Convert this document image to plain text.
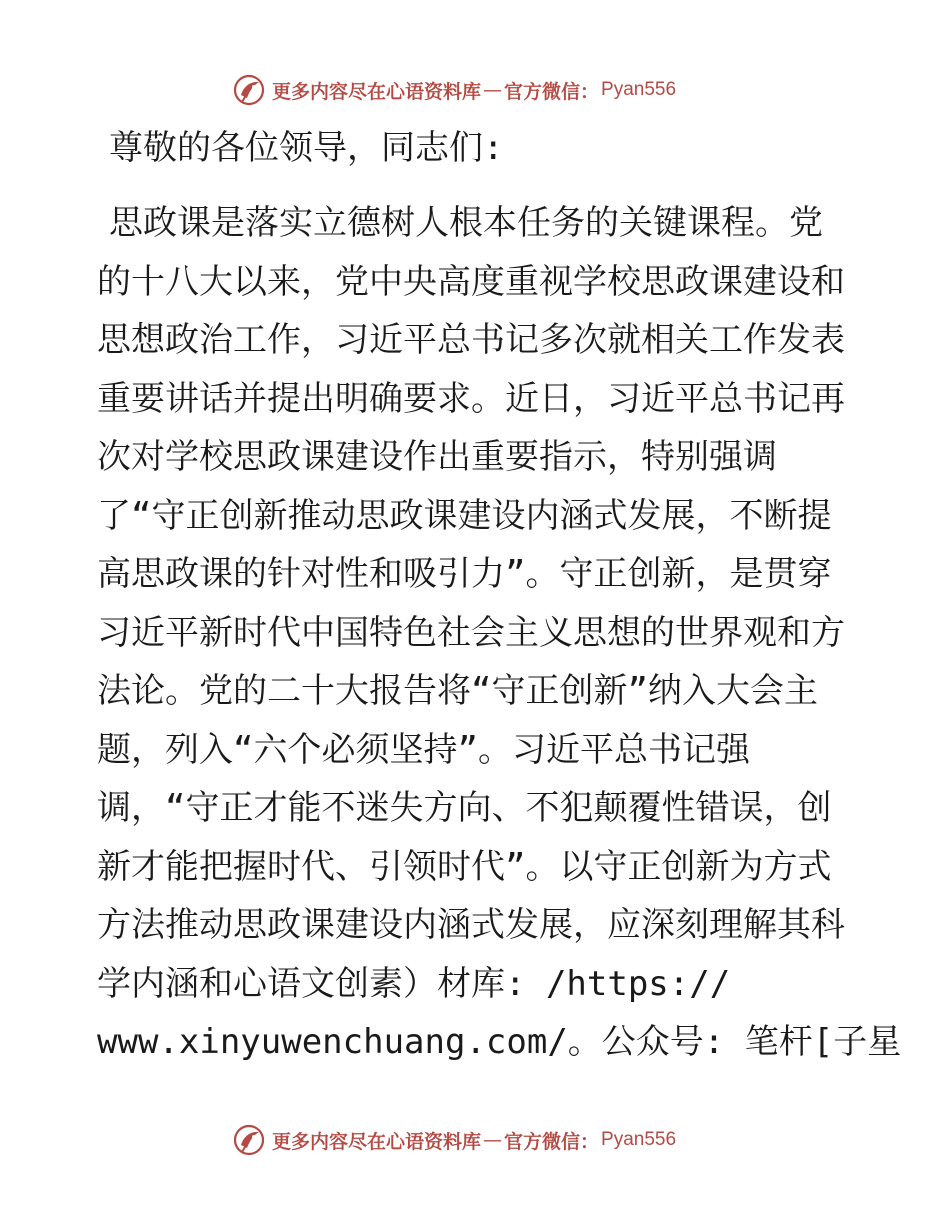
更多内容尽在心语资料库 — 官方微信： Pyan556
尊敬的各位领导，同志们:
思政课是落实立德树人根本任务的关键课程。党
的十八大以来，党中央高度重视学校思政课建设和
思想政治工作，习近平总书记多次就相关工作发表
重要讲话并提出明确要求。近日，习近平总书记再
次对学校思政课建设作出重要指示，特别强调
了“守正创新推动思政课建设内涵式发展，不断提
高思政课的针对性和吸引力”。守正创新，是贯穿
习近平新时代中国特色社会主义思想的世界观和方
法论。党的二十大报告将“守正创新”纳入大会主
题，列入“六个必须坚持”。习近平总书记强
调，“守正才能不迷失方向、不犯颠覆性错误，创
新才能把握时代、引领时代”。以守正创新为方式
方法推动思政课建设内涵式发展，应深刻理解其科
学内涵和心语文创素）材库: /https://
www.xinyuwenchuang.com/。公众号: 笔杆[子星
更多内容尽在心语资料库 — 官方微信： Pyan556
